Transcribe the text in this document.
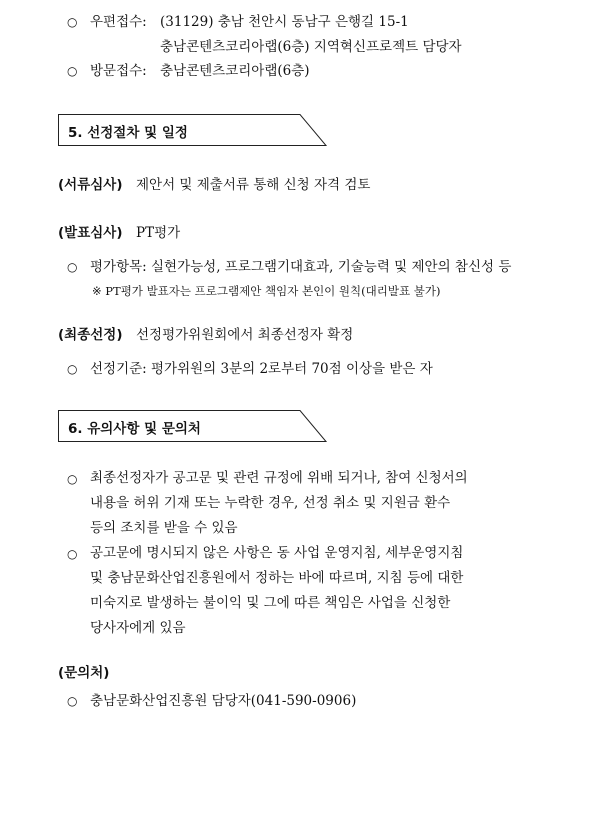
○ 우편접수: (31129) 충남 천안시 동남구 은행길 15-1
충남콘텐츠코리아랩(6층) 지역혁신프로젝트 담당자
○ 방문접수: 충남콘텐츠코리아랩(6층)
5. 선정절차 및 일정
(서류심사) 제안서 및 제출서류 통해 신청 자격 검토
(발표심사) PT평가
○ 평가항목: 실현가능성, 프로그램기대효과, 기술능력 및 제안의 참신성 등
※ PT평가 발표자는 프로그램제안 책임자 본인이 원칙(대리발표 불가)
(최종선정) 선정평가위원회에서 최종선정자 확정
○ 선정기준: 평가위원의 3분의 2로부터 70점 이상을 받은 자
6. 유의사항 및 문의처
○ 최종선정자가 공고문 및 관련 규정에 위배 되거나, 참여 신청서의
내용을 허위 기재 또는 누락한 경우, 선정 취소 및 지원금 환수
등의 조치를 받을 수 있음
○ 공고문에 명시되지 않은 사항은 동 사업 운영지침, 세부운영지침
및 충남문화산업진흥원에서 정하는 바에 따르며, 지침 등에 대한
미숙지로 발생하는 불이익 및 그에 따른 책임은 사업을 신청한
당사자에게 있음
(문의처)
○ 충남문화산업진흥원 담당자(041-590-0906)
